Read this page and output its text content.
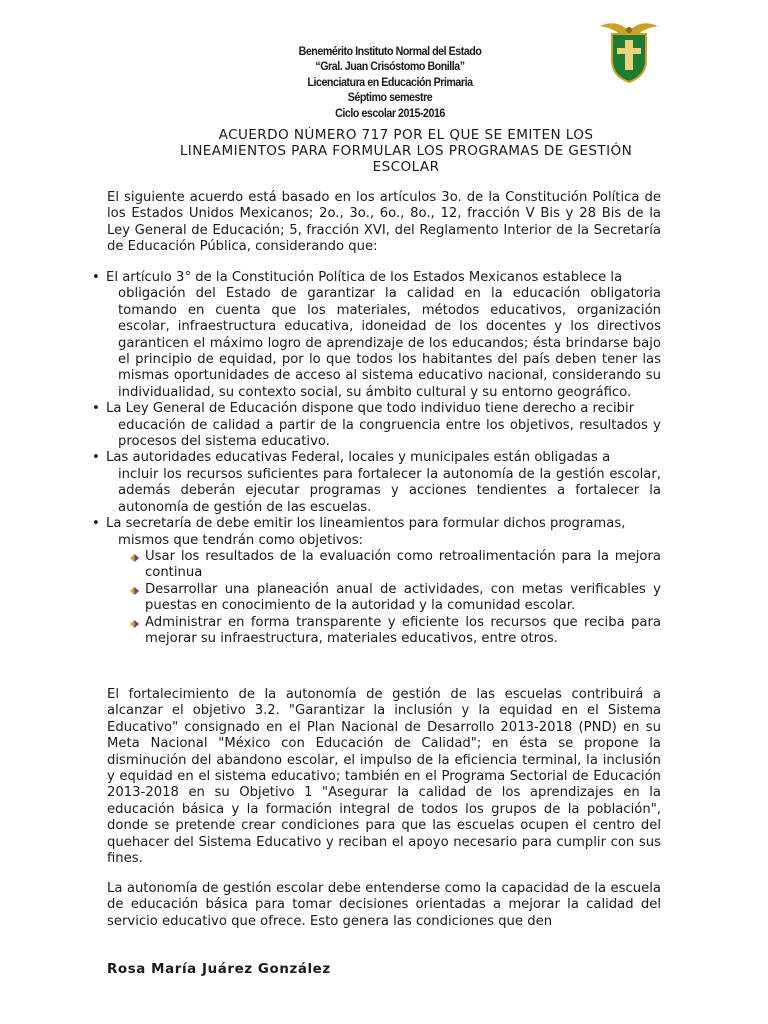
Benemérito Instituto Normal del Estado
“Gral. Juan Crisóstomo Bonilla”
Licenciatura en Educación Primaria
Séptimo semestre
Ciclo escolar 2015-2016
ACUERDO NÚMERO 717 POR EL QUE SE EMITEN LOS
LINEAMIENTOS PARA FORMULAR LOS PROGRAMAS DE GESTIÓN
ESCOLAR

El siguiente acuerdo está basado en los artículos 3o. de la Constitución Política de los Estados Unidos Mexicanos; 2o., 3o., 6o., 8o., 12, fracción V Bis y 28 Bis de la Ley General de Educación; 5, fracción XVI, del Reglamento Interior de la Secretaría de Educación Pública, considerando que:

• El artículo 3° de la Constitución Política de los Estados Mexicanos establece la
obligación del Estado de garantizar la calidad en la educación obligatoria tomando en cuenta que los materiales, métodos educativos, organización escolar, infraestructura educativa, idoneidad de los docentes y los directivos garanticen el máximo logro de aprendizaje de los educandos; ésta brindarse bajo el principio de equidad, por lo que todos los habitantes del país deben tener las mismas oportunidades de acceso al sistema educativo nacional, considerando su individualidad, su contexto social, su ámbito cultural y su entorno geográfico.
• La Ley General de Educación dispone que todo individuo tiene derecho a recibir
educación de calidad a partir de la congruencia entre los objetivos, resultados y procesos del sistema educativo.
• Las autoridades educativas Federal, locales y municipales están obligadas a
incluir los recursos suficientes para fortalecer la autonomía de la gestión escolar, además deberán ejecutar programas y acciones tendientes a fortalecer la autonomía de gestión de las escuelas.
• La secretaría de debe emitir los lineamientos para formular dichos programas,
mismos que tendrán como objetivos:
Usar los resultados de la evaluación como retroalimentación para la mejora continua
Desarrollar una planeación anual de actividades, con metas verificables y puestas en conocimiento de la autoridad y la comunidad escolar.
Administrar en forma transparente y eficiente los recursos que reciba para mejorar su infraestructura, materiales educativos, entre otros.

El fortalecimiento de la autonomía de gestión de las escuelas contribuirá a alcanzar el objetivo 3.2. "Garantizar la inclusión y la equidad en el Sistema Educativo" consignado en el Plan Nacional de Desarrollo 2013-2018 (PND) en su Meta Nacional "México con Educación de Calidad"; en ésta se propone la disminución del abandono escolar, el impulso de la eficiencia terminal, la inclusión y equidad en el sistema educativo; también en el Programa Sectorial de Educación 2013-2018 en su Objetivo 1 "Asegurar la calidad de los aprendizajes en la educación básica y la formación integral de todos los grupos de la población", donde se pretende crear condiciones para que las escuelas ocupen el centro del quehacer del Sistema Educativo y reciban el apoyo necesario para cumplir con sus fines.

La autonomía de gestión escolar debe entenderse como la capacidad de la escuela de educación básica para tomar decisiones orientadas a mejorar la calidad del servicio educativo que ofrece. Esto genera las condiciones que den

Rosa María Juárez González
